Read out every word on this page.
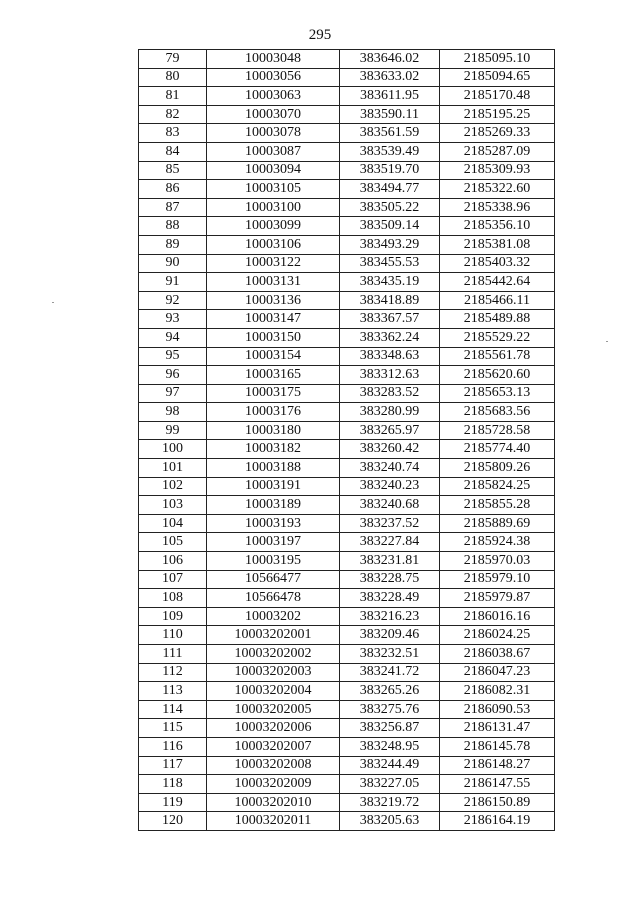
295
79	10003048	383646.02	2185095.10
80	10003056	383633.02	2185094.65
81	10003063	383611.95	2185170.48
82	10003070	383590.11	2185195.25
83	10003078	383561.59	2185269.33
84	10003087	383539.49	2185287.09
85	10003094	383519.70	2185309.93
86	10003105	383494.77	2185322.60
87	10003100	383505.22	2185338.96
88	10003099	383509.14	2185356.10
89	10003106	383493.29	2185381.08
90	10003122	383455.53	2185403.32
91	10003131	383435.19	2185442.64
92	10003136	383418.89	2185466.11
93	10003147	383367.57	2185489.88
94	10003150	383362.24	2185529.22
95	10003154	383348.63	2185561.78
96	10003165	383312.63	2185620.60
97	10003175	383283.52	2185653.13
98	10003176	383280.99	2185683.56
99	10003180	383265.97	2185728.58
100	10003182	383260.42	2185774.40
101	10003188	383240.74	2185809.26
102	10003191	383240.23	2185824.25
103	10003189	383240.68	2185855.28
104	10003193	383237.52	2185889.69
105	10003197	383227.84	2185924.38
106	10003195	383231.81	2185970.03
107	10566477	383228.75	2185979.10
108	10566478	383228.49	2185979.87
109	10003202	383216.23	2186016.16
110	10003202001	383209.46	2186024.25
111	10003202002	383232.51	2186038.67
112	10003202003	383241.72	2186047.23
113	10003202004	383265.26	2186082.31
114	10003202005	383275.76	2186090.53
115	10003202006	383256.87	2186131.47
116	10003202007	383248.95	2186145.78
117	10003202008	383244.49	2186148.27
118	10003202009	383227.05	2186147.55
119	10003202010	383219.72	2186150.89
120	10003202011	383205.63	2186164.19
